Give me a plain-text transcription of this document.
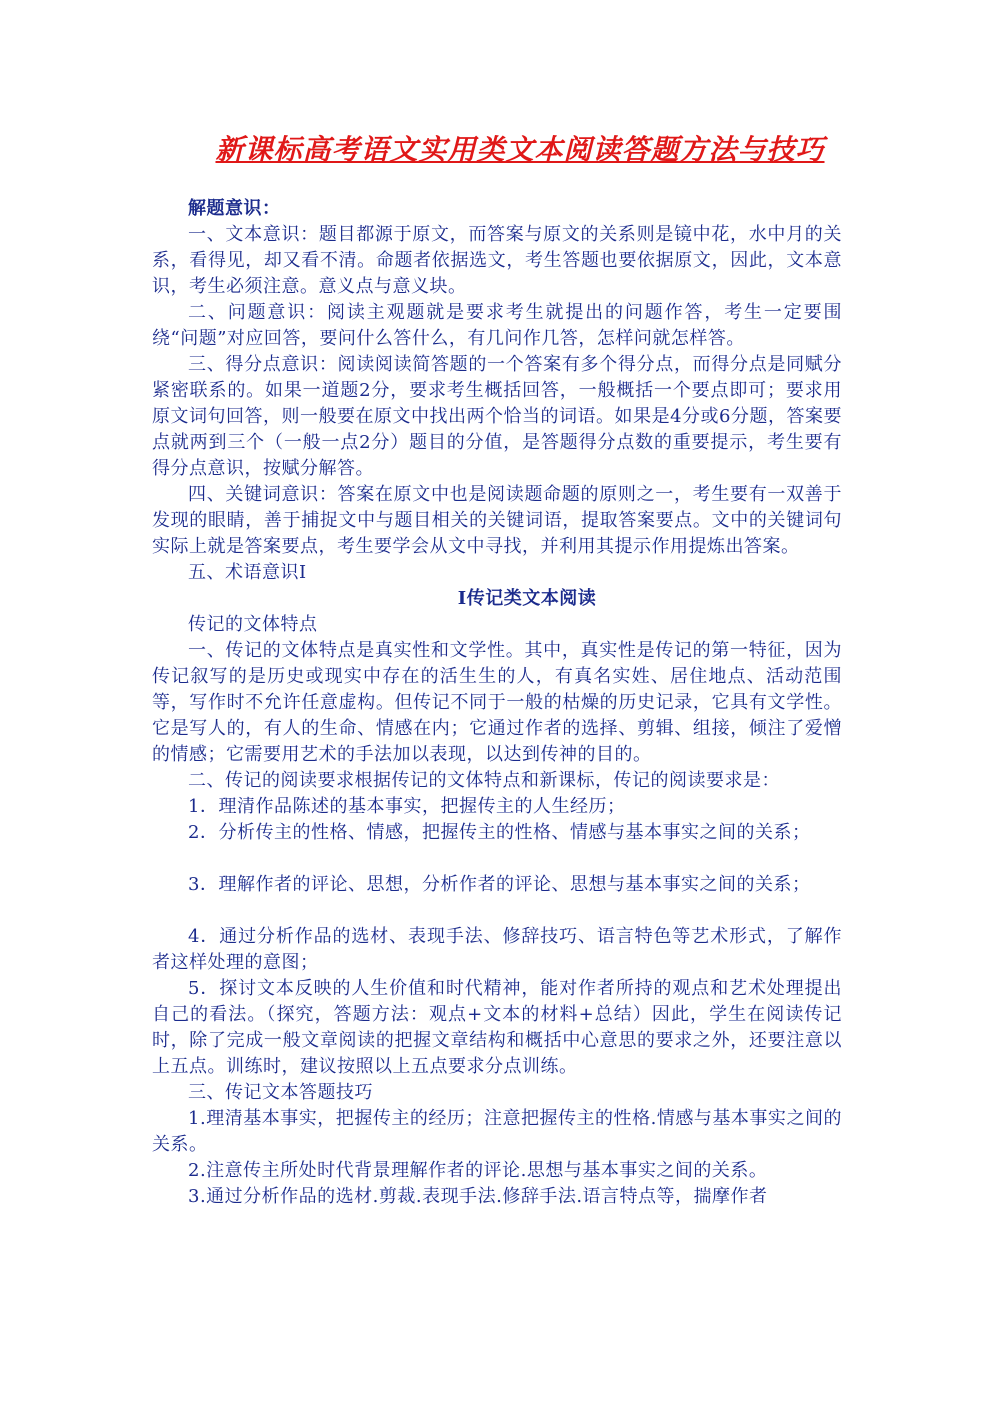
新课标高考语文实用类文本阅读答题方法与技巧

解题意识：

一、文本意识：题目都源于原文，而答案与原文的关系则是镜中花，水中月的关系，看得见，却又看不清。命题者依据选文，考生答题也要依据原文，因此，文本意识，考生必须注意。意义点与意义块。

二、问题意识：阅读主观题就是要求考生就提出的问题作答，考生一定要围绕“问题”对应回答，要问什么答什么，有几问作几答，怎样问就怎样答。

三、得分点意识：阅读阅读简答题的一个答案有多个得分点，而得分点是同赋分紧密联系的。如果一道题2分，要求考生概括回答，一般概括一个要点即可；要求用原文词句回答，则一般要在原文中找出两个恰当的词语。如果是4分或6分题，答案要点就两到三个（一般一点2分）题目的分值，是答题得分点数的重要提示，考生要有得分点意识，按赋分解答。

四、关键词意识：答案在原文中也是阅读题命题的原则之一，考生要有一双善于发现的眼睛，善于捕捉文中与题目相关的关键词语，提取答案要点。文中的关键词句实际上就是答案要点，考生要学会从文中寻找，并利用其提示作用提炼出答案。

五、术语意识Ⅰ

Ⅰ传记类文本阅读

传记的文体特点

一、传记的文体特点是真实性和文学性。其中，真实性是传记的第一特征，因为传记叙写的是历史或现实中存在的活生生的人，有真名实姓、居住地点、活动范围等，写作时不允许任意虚构。但传记不同于一般的枯燥的历史记录，它具有文学性。它是写人的，有人的生命、情感在内；它通过作者的选择、剪辑、组接，倾注了爱憎的情感；它需要用艺术的手法加以表现，以达到传神的目的。

二、传记的阅读要求根据传记的文体特点和新课标，传记的阅读要求是：

1．理清作品陈述的基本事实，把握传主的人生经历；

2．分析传主的性格、情感，把握传主的性格、情感与基本事实之间的关系；

3．理解作者的评论、思想，分析作者的评论、思想与基本事实之间的关系；

4．通过分析作品的选材、表现手法、修辞技巧、语言特色等艺术形式，了解作者这样处理的意图；

5．探讨文本反映的人生价值和时代精神，能对作者所持的观点和艺术处理提出自己的看法。（探究，答题方法：观点+文本的材料+总结）因此，学生在阅读传记时，除了完成一般文章阅读的把握文章结构和概括中心意思的要求之外，还要注意以上五点。训练时，建议按照以上五点要求分点训练。

三、传记文本答题技巧

1.理清基本事实，把握传主的经历；注意把握传主的性格.情感与基本事实之间的关系。

2.注意传主所处时代背景理解作者的评论.思想与基本事实之间的关系。

3.通过分析作品的选材.剪裁.表现手法.修辞手法.语言特点等，揣摩作者
